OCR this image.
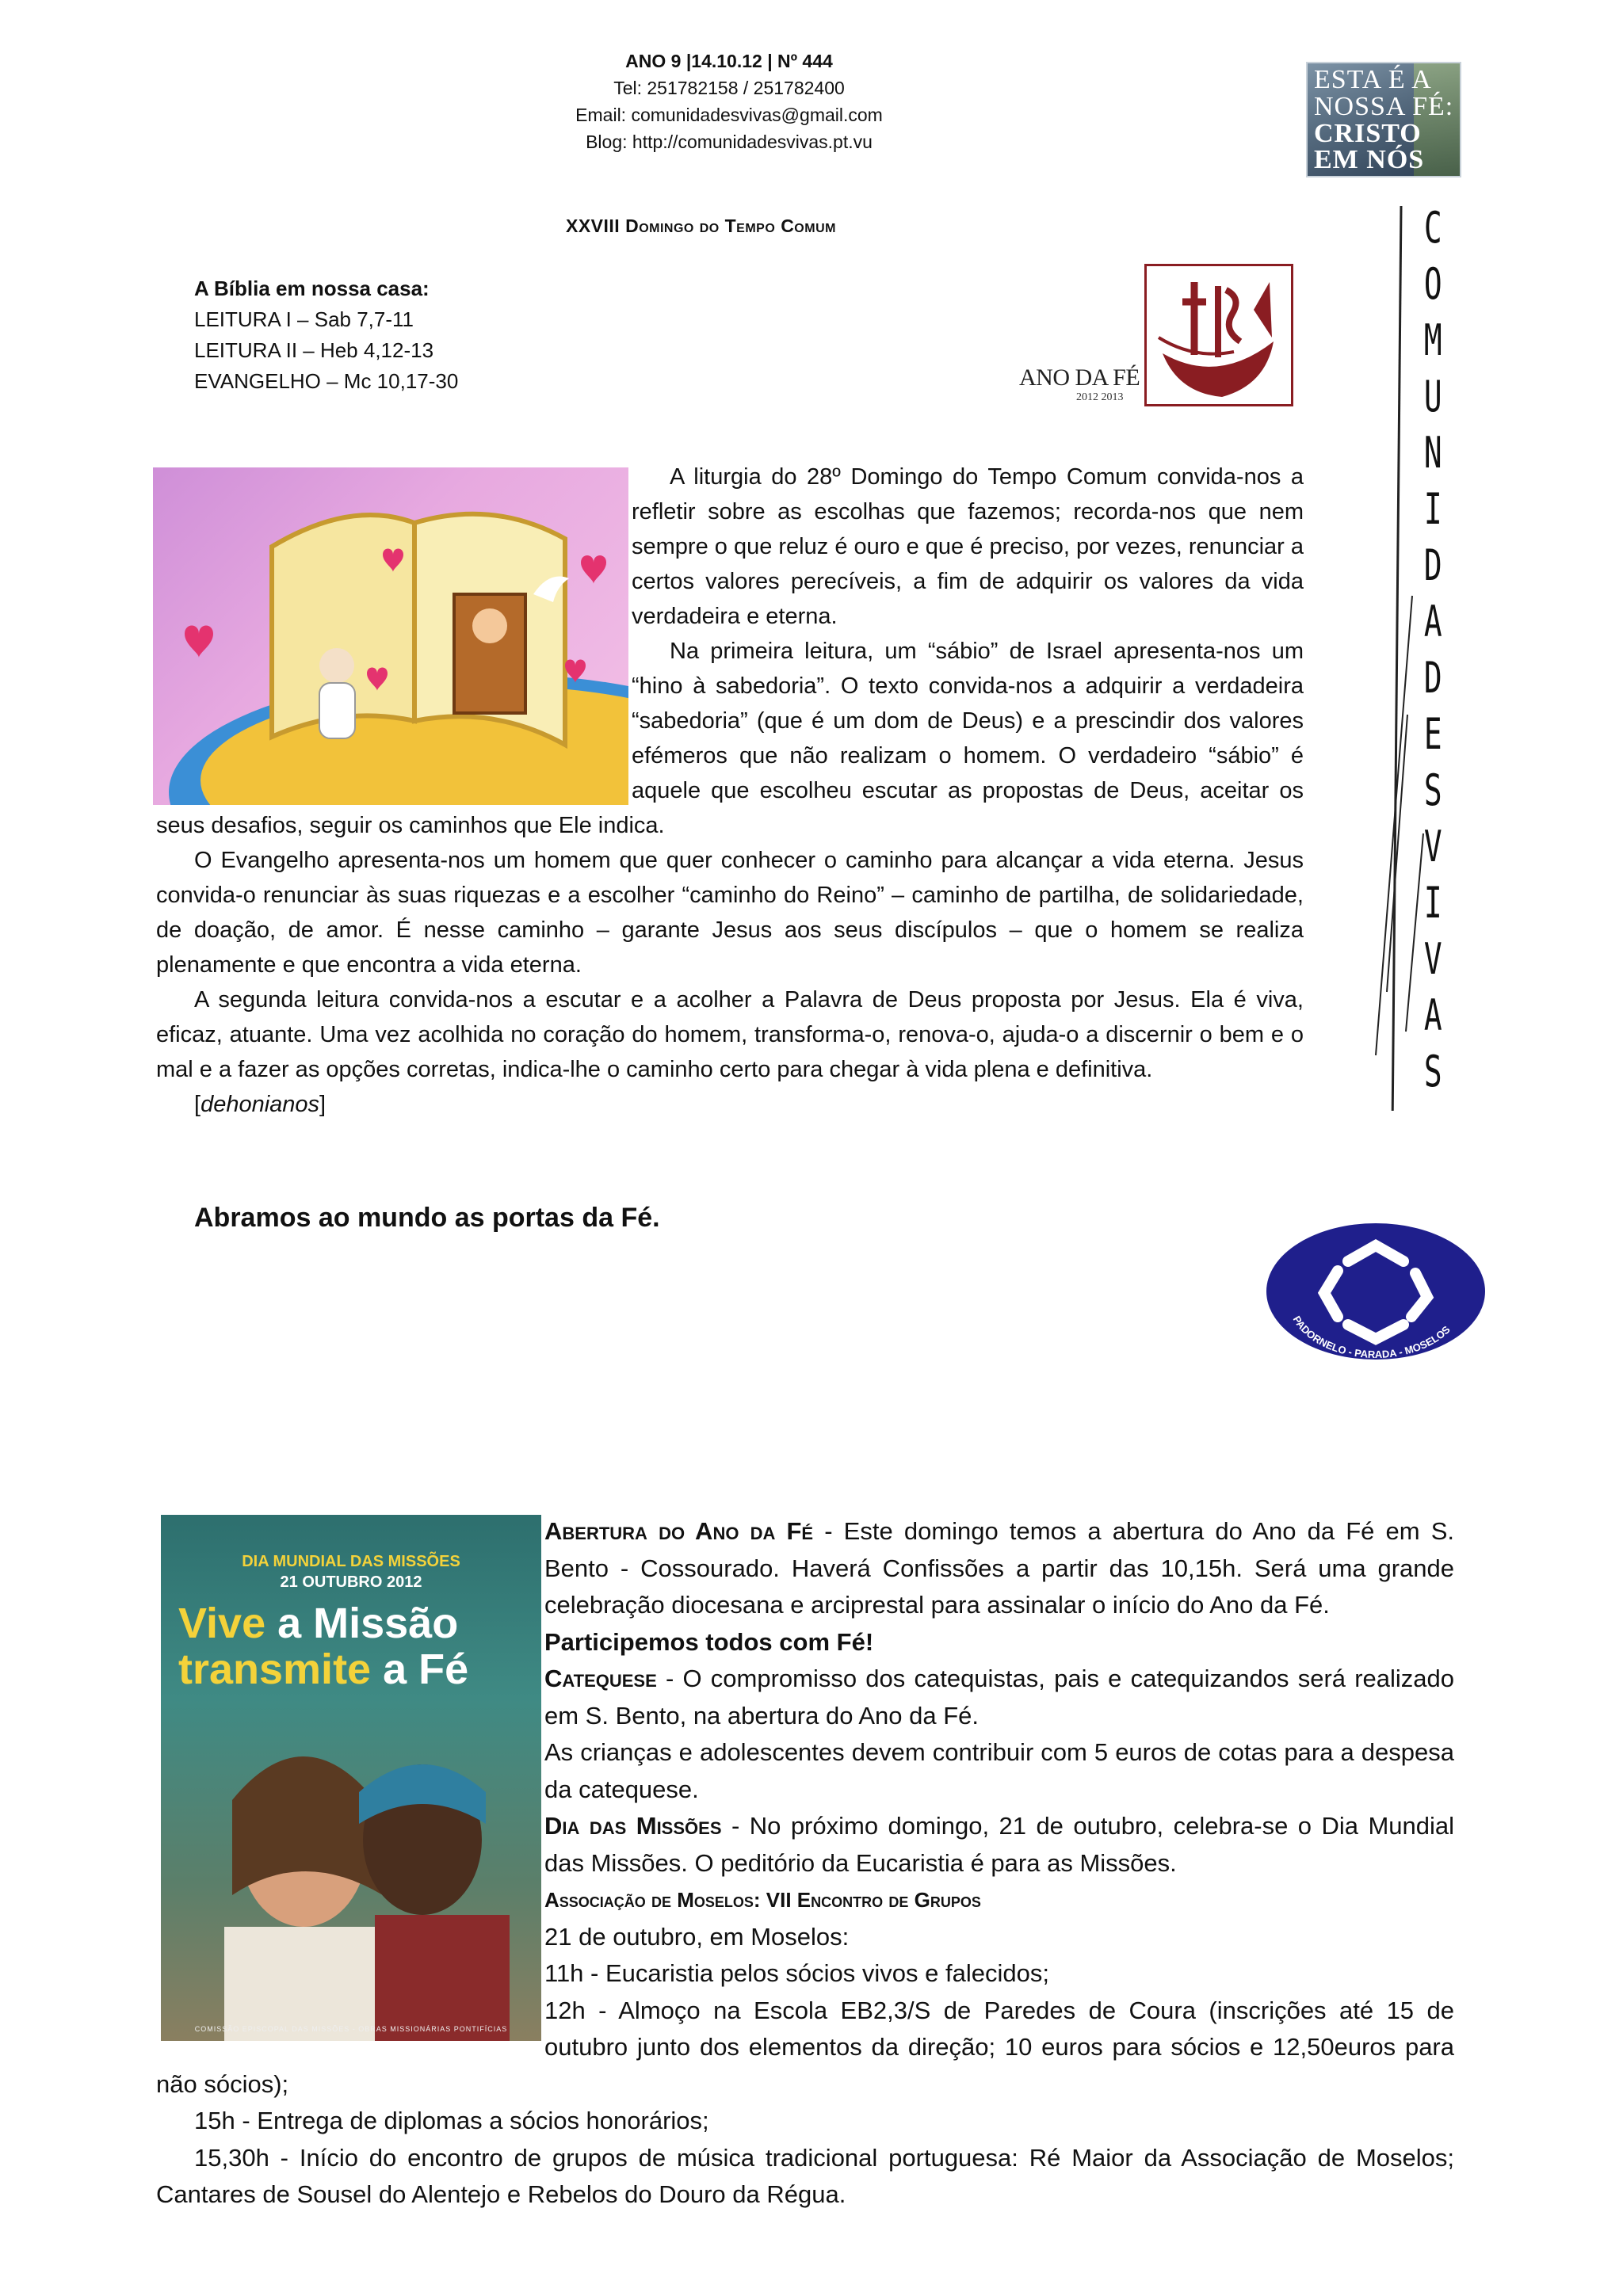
ANO 9 |14.10.12 | Nº 444
Tel: 251782158 / 251782400
Email: comunidadesvivas@gmail.com
Blog: http://comunidadesvivas.pt.vu
ESTA É A
NOSSA FÉ:
CRISTO
EM NÓS
XXVIII Domingo do Tempo Comum
A Bíblia em nossa casa:
LEITURA I – Sab 7,7-11
LEITURA II – Heb 4,12-13
EVANGELHO – Mc 10,17-30	ANO DA FÉ
2012 2013
C
O
M
U
N
I
D
A
D
E
S
V
I
V
A
S

A liturgia do 28º Domingo do Tempo Comum convida-nos a refletir sobre as escolhas que fazemos; recorda-nos que nem sempre o que reluz é ouro e que é preciso, por vezes, renunciar a certos valores perecíveis, a fim de adquirir os valores da vida verdadeira e eterna.

Na primeira leitura, um “sábio” de Israel apresenta-nos um “hino à sabedoria”. O texto convida-nos a adquirir a verdadeira “sabedoria” (que é um dom de Deus) e a prescindir dos valores efémeros que não realizam o homem. O verdadeiro “sábio” é aquele que escolheu escutar as propostas de Deus, aceitar os seus desafios, seguir os caminhos que Ele indica.

O Evangelho apresenta-nos um homem que quer conhecer o caminho para alcançar a vida eterna. Jesus convida-o renunciar às suas riquezas e a escolher “caminho do Reino” – caminho de partilha, de solidariedade, de doação, de amor. É nesse caminho – garante Jesus aos seus discípulos – que o homem se realiza plenamente e que encontra a vida eterna.

A segunda leitura convida-nos a escutar e a acolher a Palavra de Deus proposta por Jesus. Ela é viva, eficaz, atuante. Uma vez acolhida no coração do homem, transforma-o, renova-o, ajuda-o a discernir o bem e o mal e a fazer as opções corretas, indica-lhe o caminho certo para chegar à vida plena e definitiva.

[dehonianos]

Abramos ao mundo as portas da Fé.
PADORNELO - PARADA - MOSELOS
DIA MUNDIAL DAS MISSÕES
21 OUTUBRO 2012
Vive a Missão
transmite a Fé
COMISSÃO EPISCOPAL DAS MISSÕES - OBRAS MISSIONÁRIAS PONTIFÍCIAS
Abertura do Ano da Fé - Este domingo temos a abertura do Ano da Fé em S. Bento - Cossourado. Haverá Confissões a partir das 10,15h. Será uma grande celebração diocesana e arciprestal para assinalar o início do Ano da Fé.
Participemos todos com Fé!
Catequese - O compromisso dos catequistas, pais e catequizandos será realizado em S. Bento, na abertura do Ano da Fé.
As crianças e adolescentes devem contribuir com 5 euros de cotas para a despesa da catequese.
Dia das Missões - No próximo domingo, 21 de outubro, celebra-se o Dia Mundial das Missões. O peditório da Eucaristia é para as Missões.
Associação de Moselos: VII Encontro de Grupos
21 de outubro, em Moselos:
11h - Eucaristia pelos sócios vivos e falecidos;
12h - Almoço na Escola EB2,3/S de Paredes de Coura (inscrições até 15 de outubro junto dos elementos da direção; 10 euros para sócios e 12,50euros para não sócios);
15h - Entrega de diplomas a sócios honorários;
15,30h - Início do encontro de grupos de música tradicional portuguesa: Ré Maior da Associação de Moselos; Cantares de Sousel do Alentejo e Rebelos do Douro da Régua.
